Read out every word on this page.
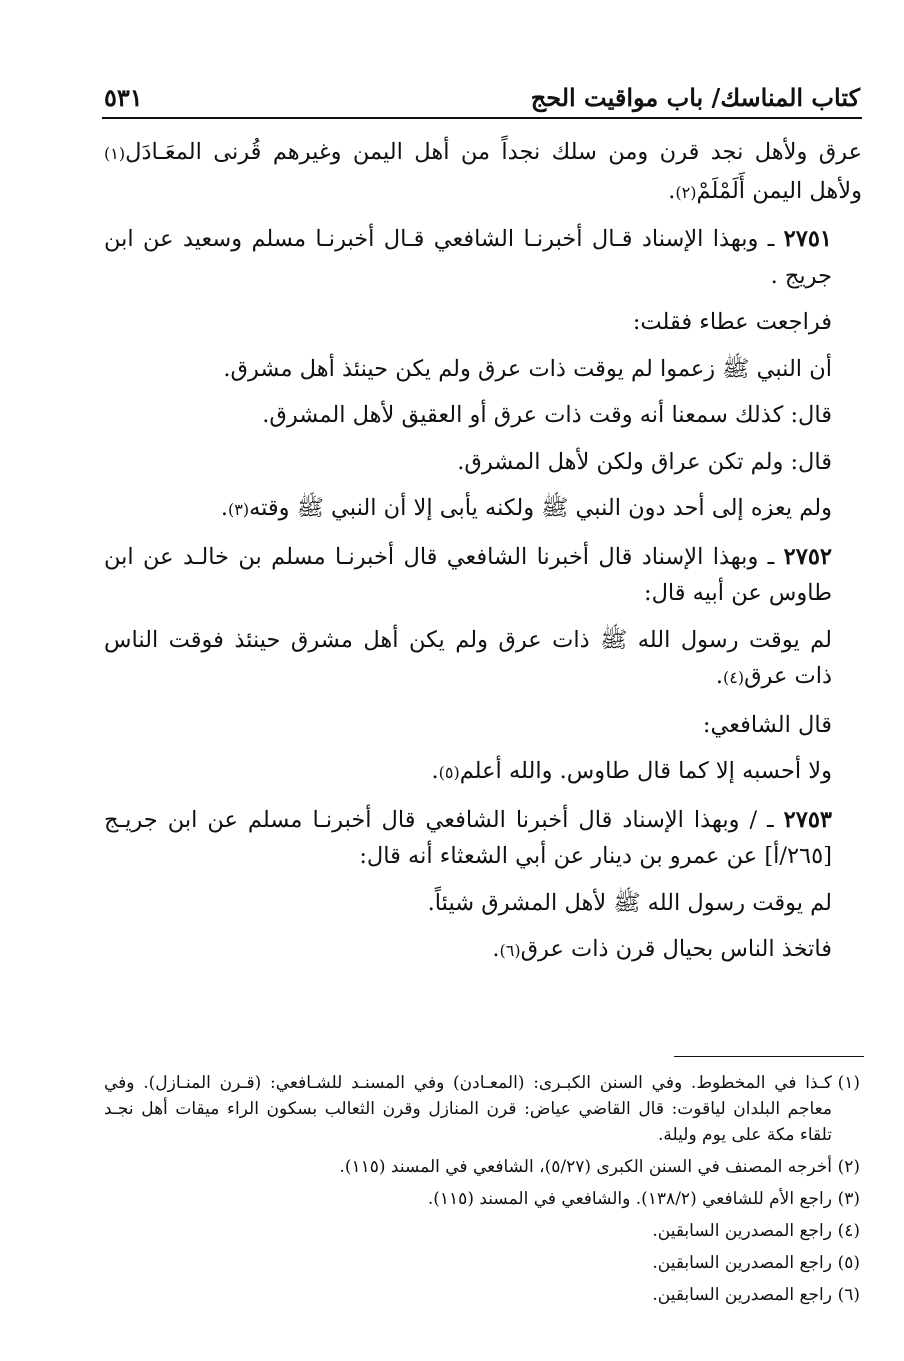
كتاب المناسك/ باب مواقيت الحج
٥٣١

عرق ولأهل نجد قرن ومن سلك نجداً من أهل اليمن وغيرهم قُرنى المعَـادَل(١) ولأهل اليمن أَلَمْلَمْ(٢).

٢٧٥١ ـ وبهذا الإسناد قـال أخبرنـا الشافعي قـال أخبرنـا مسلم وسعيد عن ابن جريج .

فراجعت عطاء فقلت:

أن النبي ﷺ زعموا لم يوقت ذات عرق ولم يكن حينئذ أهل مشرق.

قال: كذلك سمعنا أنه وقت ذات عرق أو العقيق لأهل المشرق.

قال: ولم تكن عراق ولكن لأهل المشرق.

ولم يعزه إلى أحد دون النبي ﷺ ولكنه يأبى إلا أن النبي ﷺ وقته(٣).

٢٧٥٢ ـ وبهذا الإسناد قال أخبرنا الشافعي قال أخبرنـا مسلم بن خالـد عن ابن طاوس عن أبيه قال:

لم يوقت رسول الله ﷺ ذات عرق ولم يكن أهل مشرق حينئذ فوقت الناس ذات عرق(٤).

قال الشافعي:

ولا أحسبه إلا كما قال طاوس. والله أعلم(٥).

٢٧٥٣ ـ / وبهذا الإسناد قال أخبرنا الشافعي قال أخبرنـا مسلم عن ابن جريـج [٢٦٥/أ] عن عمرو بن دينار عن أبي الشعثاء أنه قال:

لم يوقت رسول الله ﷺ لأهل المشرق شيئاً.

فاتخذ الناس بحيال قرن ذات عرق(٦).

(١)
كـذا في المخطوط. وفي السنن الكبـرى: (المعـادن) وفي المسنـد للشـافعي: (قـرن المنـازل). وفي معاجم البلدان لياقوت: قال القاضي عياض: قرن المنازل وقرن الثعالب بسكون الراء ميقات أهل نجـد تلقاء مكة على يوم وليلة.
(٢)
أخرجه المصنف في السنن الكبرى (٥/٢٧)، الشافعي في المسند (١١٥).
(٣)
راجع الأم للشافعي (١٣٨/٢). والشافعي في المسند (١١٥).
(٤)
راجع المصدرين السابقين.
(٥)
راجع المصدرين السابقين.
(٦)
راجع المصدرين السابقين.
